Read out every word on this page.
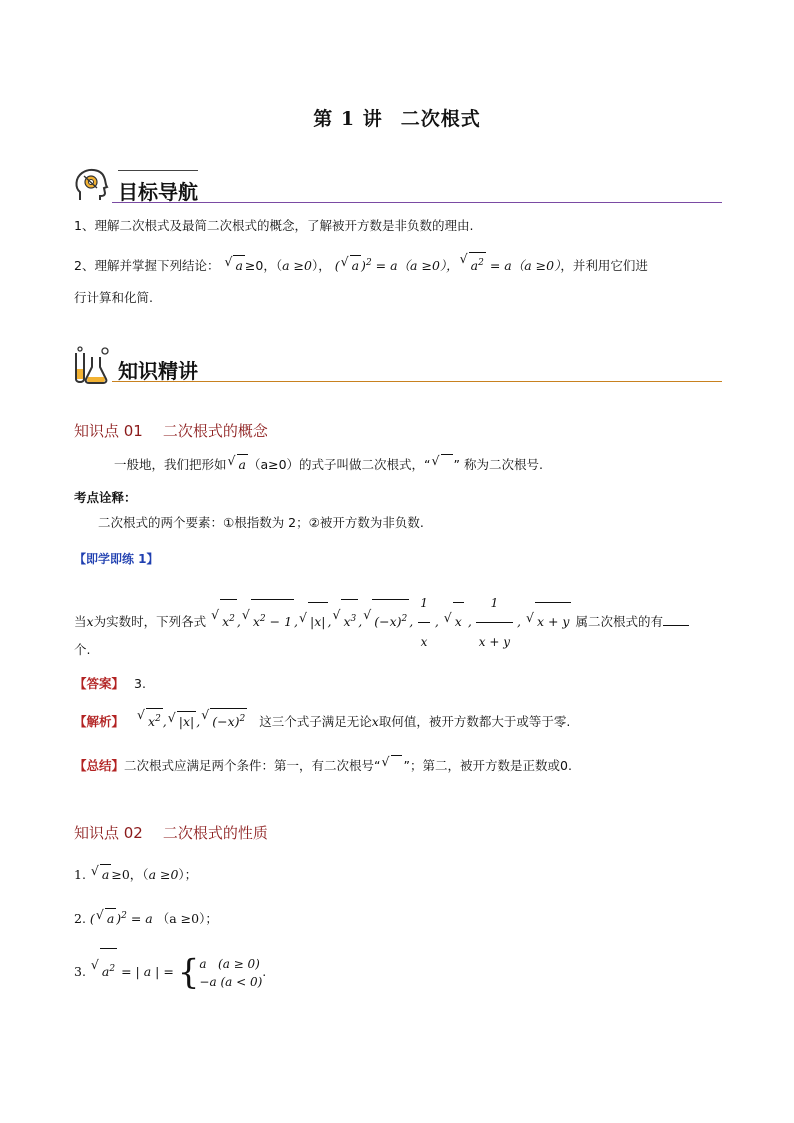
第 1 讲 二次根式
目标导航
1、理解二次根式及最简二次根式的概念，了解被开方数是非负数的理由.
2、理解并掌握下列结论： √ a ≥0，（a ≥0）， ( √ a )$^2$ = a（a ≥0）， √ $a^2 = a(a \ge 0)$，并利用它们进
行计算和化简.
知识精讲
知识点 01 二次根式的概念
一般地，我们把形如 √ a （a≥0）的式子叫做二次根式，“ √ ” 称为二次根号.
考点诠释：
二次根式的两个要素：①根指数为 2；②被开方数为非负数.
【即学即练 1】
当x为实数时，下列各式 √ $x^2$ , √ $x^2 - 1$ , √ |x| , √ $x^3$ , √ $(-x)^2$ , $\frac{1}{x}$ , √ x , $\frac{1}{x + y}$ , √ x + y 属二次根式的有
个.
【答案】 3.
【解析】 √ $x^2$ , √ |x| , √ $(-x)^2$ 这三个式子满足无论x取何值，被开方数都大于或等于零.
【总结】二次根式应满足两个条件：第一，有二次根号“ √ ”；第二，被开方数是正数或0.
知识点 02 二次根式的性质
1. √ a ≥0，（a ≥0）；
2. ( √ a )$^2$ = a （a ≥0）；
3. √ $a^2$ = | a | = { a   (a ≥ 0)
−a (a < 0)
.
